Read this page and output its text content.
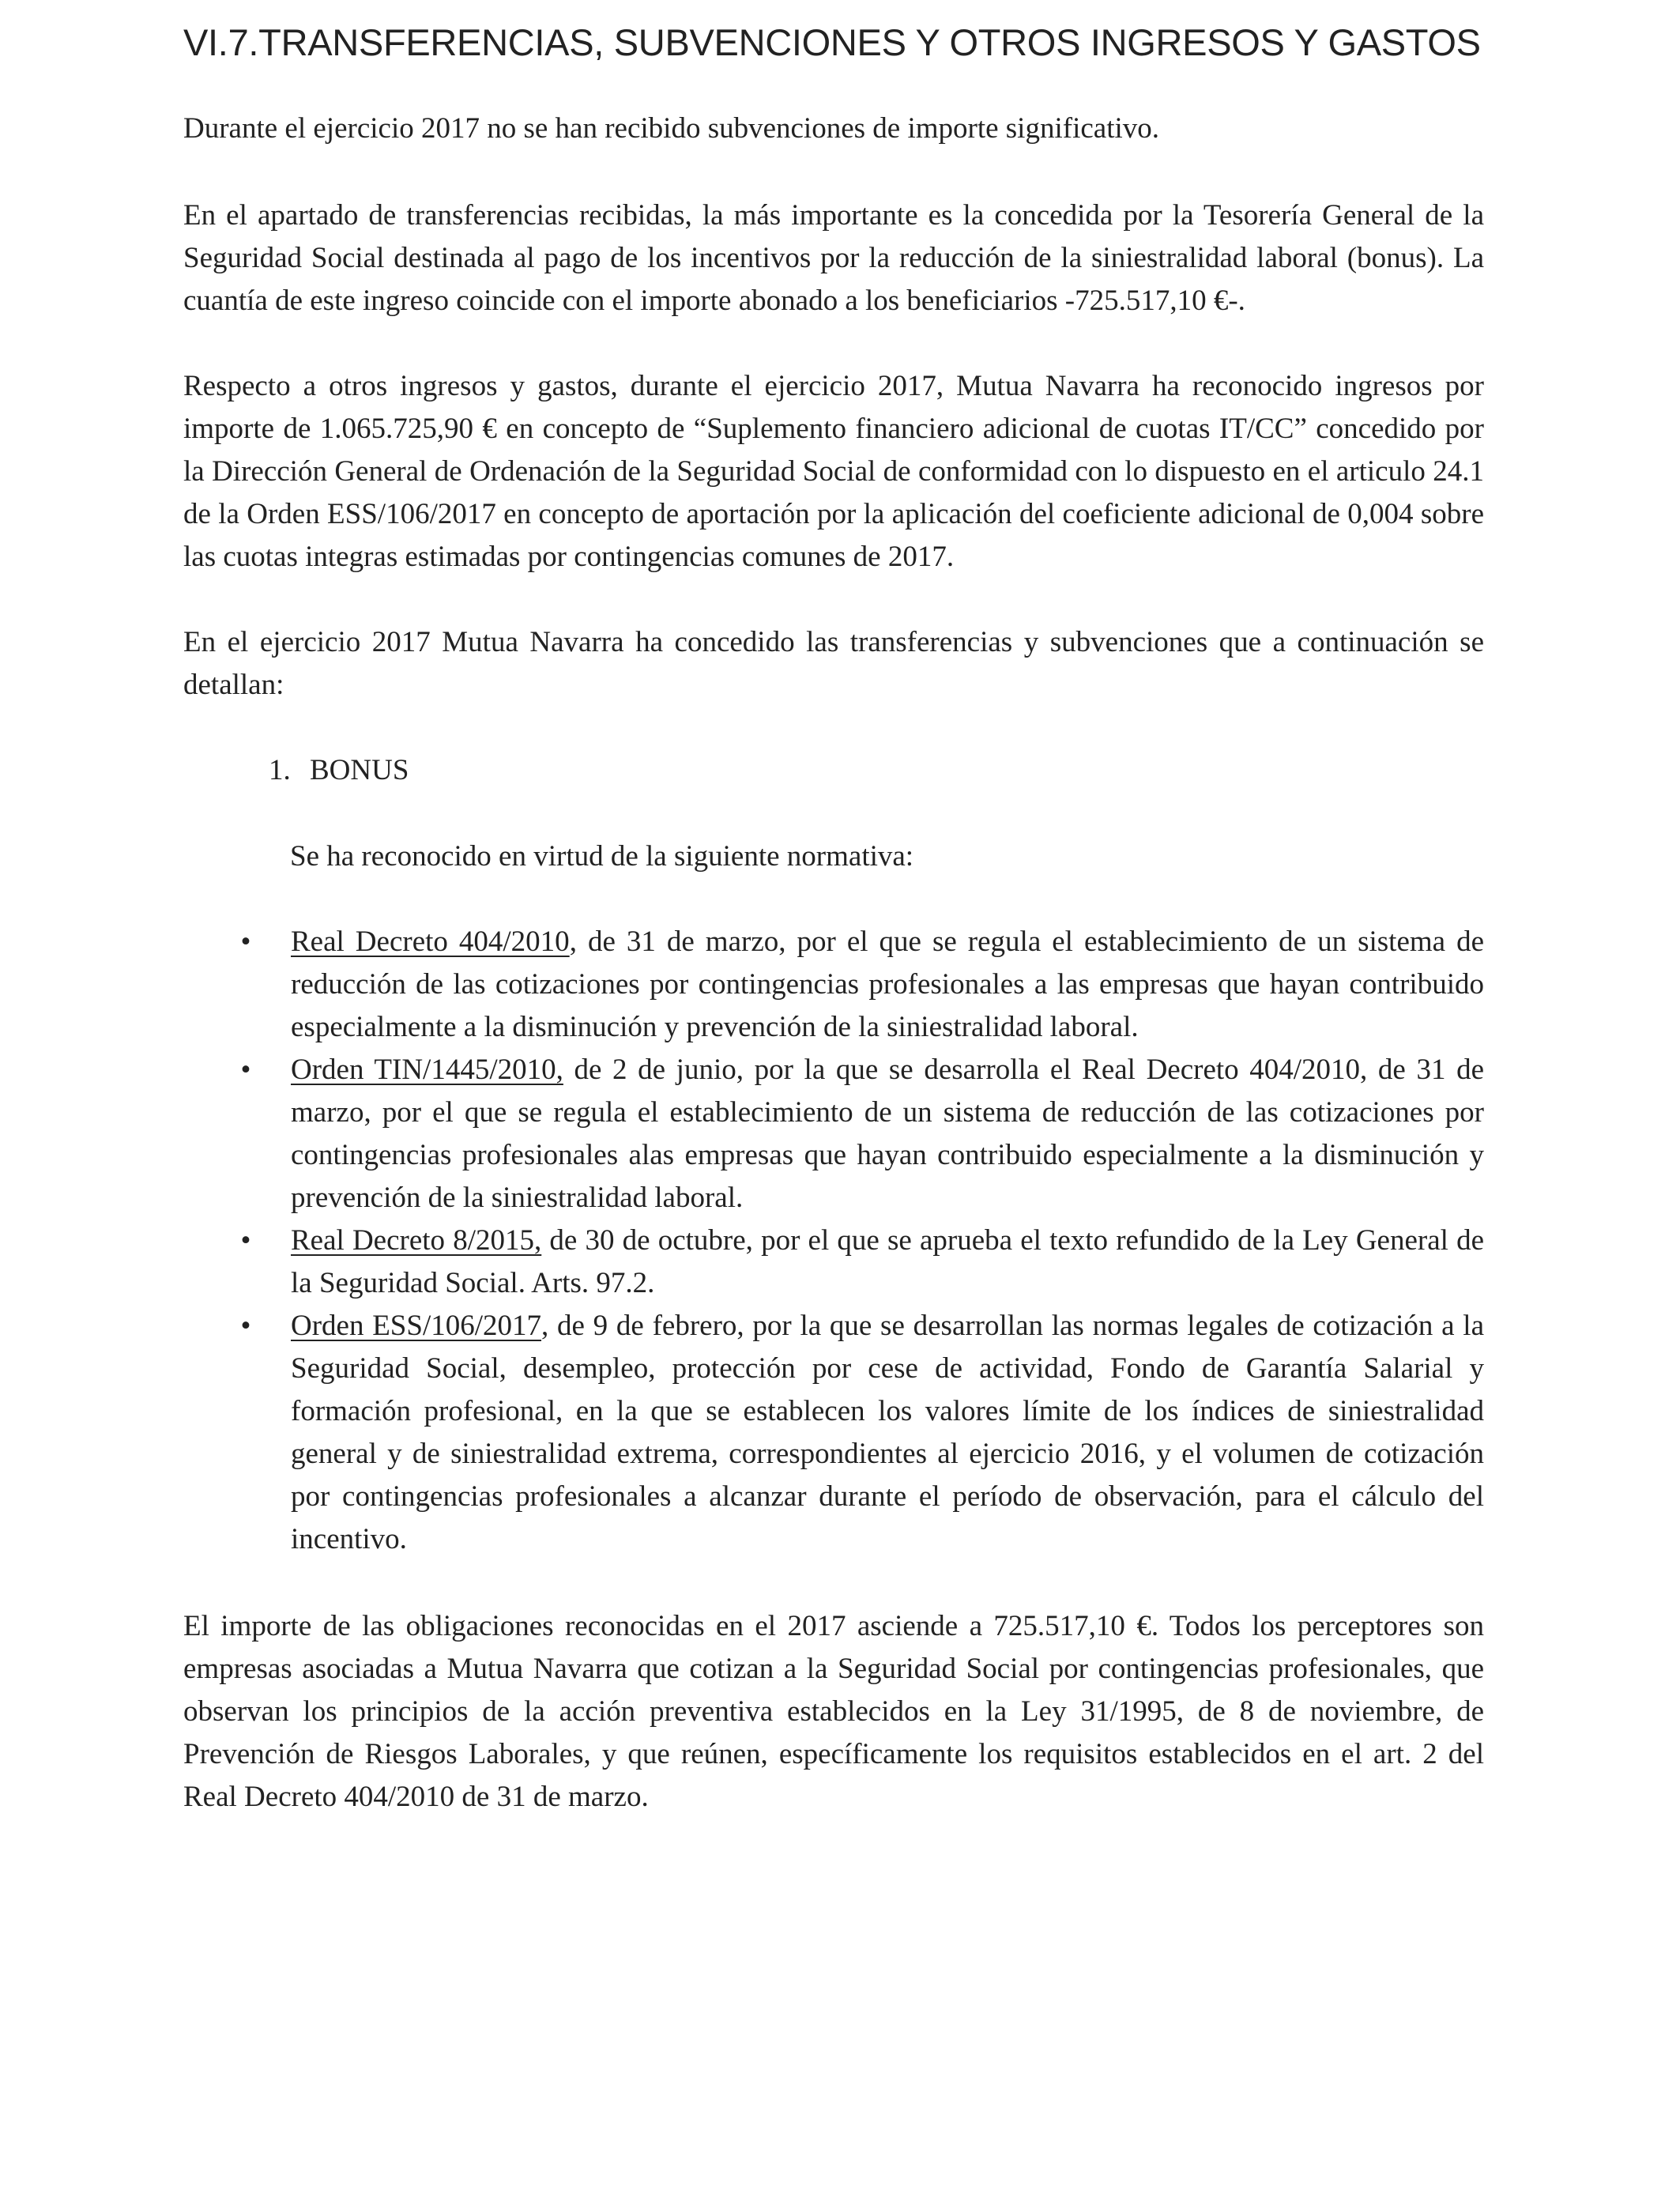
VI.7.TRANSFERENCIAS, SUBVENCIONES Y OTROS INGRESOS Y GASTOS

Durante el ejercicio 2017 no se han recibido subvenciones de importe significativo.

En el apartado de transferencias recibidas, la más importante es la concedida por la Tesorería General de la Seguridad Social destinada al pago de los incentivos por la reducción de la siniestralidad laboral (bonus). La cuantía de este ingreso coincide con el importe abonado a los beneficiarios -725.517,10 €-.

Respecto a otros ingresos y gastos, durante el ejercicio 2017, Mutua Navarra ha reconocido ingresos por importe de 1.065.725,90 € en concepto de “Suplemento financiero adicional de cuotas IT/CC” concedido por la Dirección General de Ordenación de la Seguridad Social de conformidad con lo dispuesto en el articulo 24.1 de la Orden ESS/106/2017 en concepto de aportación por la aplicación del coeficiente adicional de 0,004 sobre las cuotas integras estimadas por contingencias comunes de 2017.

En el ejercicio 2017 Mutua Navarra ha concedido las transferencias y subvenciones que a continuación se detallan:

1. BONUS

Se ha reconocido en virtud de la siguiente normativa:

• Real Decreto 404/2010, de 31 de marzo, por el que se regula el establecimiento de un sistema de reducción de las cotizaciones por contingencias profesionales a las empresas que hayan contribuido especialmente a la disminución y prevención de la siniestralidad laboral.
• Orden TIN/1445/2010, de 2 de junio, por la que se desarrolla el Real Decreto 404/2010, de 31 de marzo, por el que se regula el establecimiento de un sistema de reducción de las cotizaciones por contingencias profesionales alas empresas que hayan contribuido especialmente a la disminución y prevención de la siniestralidad laboral.
• Real Decreto 8/2015, de 30 de octubre, por el que se aprueba el texto refundido de la Ley General de la Seguridad Social. Arts. 97.2.
• Orden ESS/106/2017, de 9 de febrero, por la que se desarrollan las normas legales de cotización a la Seguridad Social, desempleo, protección por cese de actividad, Fondo de Garantía Salarial y formación profesional, en la que se establecen los valores límite de los índices de siniestralidad general y de siniestralidad extrema, correspondientes al ejercicio 2016, y el volumen de cotización por contingencias profesionales a alcanzar durante el período de observación, para el cálculo del incentivo.

El importe de las obligaciones reconocidas en el 2017 asciende a 725.517,10 €. Todos los perceptores son empresas asociadas a Mutua Navarra que cotizan a la Seguridad Social por contingencias profesionales, que observan los principios de la acción preventiva establecidos en la Ley 31/1995, de 8 de noviembre, de Prevención de Riesgos Laborales, y que reúnen, específicamente los requisitos establecidos en el art. 2 del Real Decreto 404/2010 de 31 de marzo.
